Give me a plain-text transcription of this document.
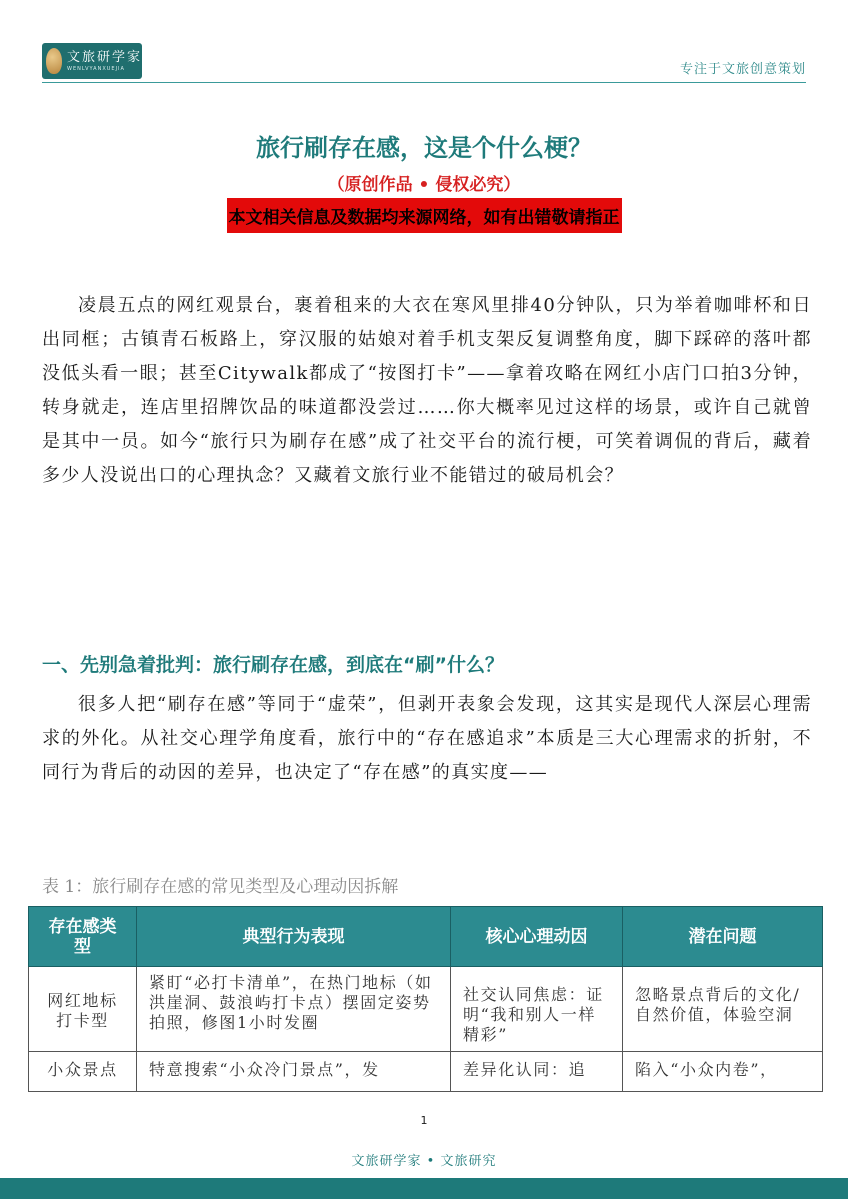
文旅研学家
WENLVYANXUEJIA	专注于文旅创意策划
旅行刷存在感，这是个什么梗？
（原创作品 • 侵权必究）
本文相关信息及数据均来源网络，如有出错敬请指正

凌晨五点的网红观景台，裹着租来的大衣在寒风里排40分钟队，只为举着咖啡杯和日出同框；古镇青石板路上，穿汉服的姑娘对着手机支架反复调整角度，脚下踩碎的落叶都没低头看一眼；甚至Citywalk都成了“按图打卡”——拿着攻略在网红小店门口拍3分钟，转身就走，连店里招牌饮品的味道都没尝过……你大概率见过这样的场景，或许自己就曾是其中一员。如今“旅行只为刷存在感”成了社交平台的流行梗，可笑着调侃的背后，藏着多少人没说出口的心理执念？又藏着文旅行业不能错过的破局机会？

一、先别急着批判：旅行刷存在感，到底在“刷”什么？

很多人把“刷存在感”等同于“虚荣”，但剥开表象会发现，这其实是现代人深层心理需求的外化。从社交心理学角度看，旅行中的“存在感追求”本质是三大心理需求的折射，不同行为背后的动因的差异，也决定了“存在感”的真实度——

表 1：旅行刷存在感的常见类型及心理动因拆解
存在感类型	典型行为表现	核心心理动因	潜在问题
网红地标打卡型	紧盯“必打卡清单”，在热门地标（如洪崖洞、鼓浪屿打卡点）摆固定姿势拍照，修图1小时发圈	社交认同焦虑：证明“我和别人一样精彩”	忽略景点背后的文化/自然价值，体验空洞
小众景点	特意搜索“小众冷门景点”，发	差异化认同：追	陷入“小众内卷”，
1
文旅研学家 • 文旅研究
